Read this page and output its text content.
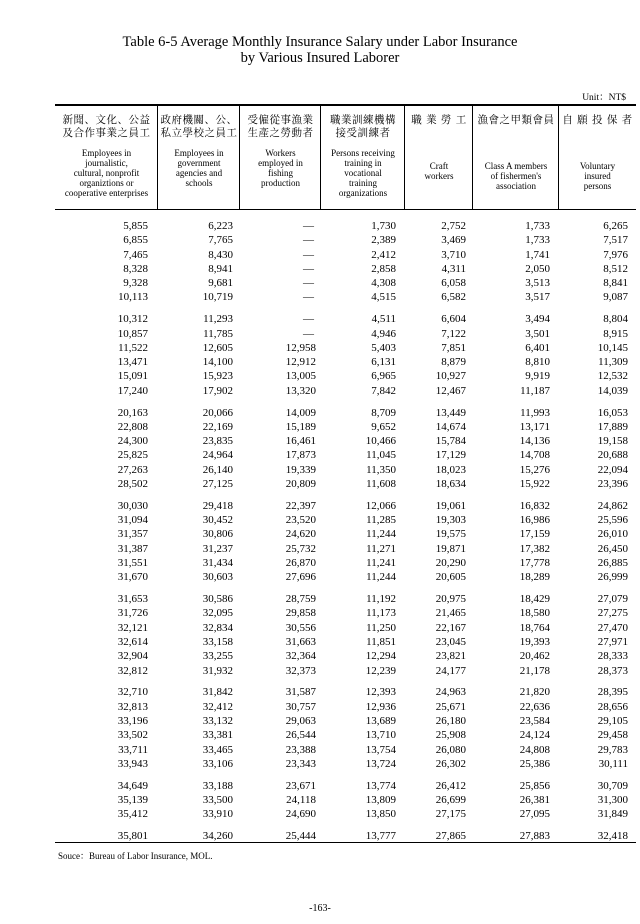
Table 6-5 Average Monthly Insurance Salary under Labor Insurance
by Various Insured Laborer
Unit：NT$
新聞、文化、公益
及合作事業之員工
Employees in
journalistic,
cultural, nonprofit
organiztions or
cooperative enterprises
政府機關、公、
私立學校之員工
Employees in
government
agencies and
schools
受僱從事漁業
生產之勞動者
Workers
employed in
fishing
production
職業訓練機構
接受訓練者
Persons receiving
training in
vocational
training
organizations
職 業 勞 工

Craft
workers
漁會之甲類會員

Class A members
of fishermen's
association
自 願 投 保 者

Voluntary
insured
persons
5,855	6,223	—	1,730	2,752	1,733	6,265
6,855	7,765	—	2,389	3,469	1,733	7,517
7,465	8,430	—	2,412	3,710	1,741	7,976
8,328	8,941	—	2,858	4,311	2,050	8,512
9,328	9,681	—	4,308	6,058	3,513	8,841
10,113	10,719	—	4,515	6,582	3,517	9,087
10,312	11,293	—	4,511	6,604	3,494	8,804
10,857	11,785	—	4,946	7,122	3,501	8,915
11,522	12,605	12,958	5,403	7,851	6,401	10,145
13,471	14,100	12,912	6,131	8,879	8,810	11,309
15,091	15,923	13,005	6,965	10,927	9,919	12,532
17,240	17,902	13,320	7,842	12,467	11,187	14,039
20,163	20,066	14,009	8,709	13,449	11,993	16,053
22,808	22,169	15,189	9,652	14,674	13,171	17,889
24,300	23,835	16,461	10,466	15,784	14,136	19,158
25,825	24,964	17,873	11,045	17,129	14,708	20,688
27,263	26,140	19,339	11,350	18,023	15,276	22,094
28,502	27,125	20,809	11,608	18,634	15,922	23,396
30,030	29,418	22,397	12,066	19,061	16,832	24,862
31,094	30,452	23,520	11,285	19,303	16,986	25,596
31,357	30,806	24,620	11,244	19,575	17,159	26,010
31,387	31,237	25,732	11,271	19,871	17,382	26,450
31,551	31,434	26,870	11,241	20,290	17,778	26,885
31,670	30,603	27,696	11,244	20,605	18,289	26,999
31,653	30,586	28,759	11,192	20,975	18,429	27,079
31,726	32,095	29,858	11,173	21,465	18,580	27,275
32,121	32,834	30,556	11,250	22,167	18,764	27,470
32,614	33,158	31,663	11,851	23,045	19,393	27,971
32,904	33,255	32,364	12,294	23,821	20,462	28,333
32,812	31,932	32,373	12,239	24,177	21,178	28,373
32,710	31,842	31,587	12,393	24,963	21,820	28,395
32,813	32,412	30,757	12,936	25,671	22,636	28,656
33,196	33,132	29,063	13,689	26,180	23,584	29,105
33,502	33,381	26,544	13,710	25,908	24,124	29,458
33,711	33,465	23,388	13,754	26,080	24,808	29,783
33,943	33,106	23,343	13,724	26,302	25,386	30,111
34,649	33,188	23,671	13,774	26,412	25,856	30,709
35,139	33,500	24,118	13,809	26,699	26,381	31,300
35,412	33,910	24,690	13,850	27,175	27,095	31,849
35,801	34,260	25,444	13,777	27,865	27,883	32,418
Souce：Bureau of Labor Insurance, MOL.
-163-
